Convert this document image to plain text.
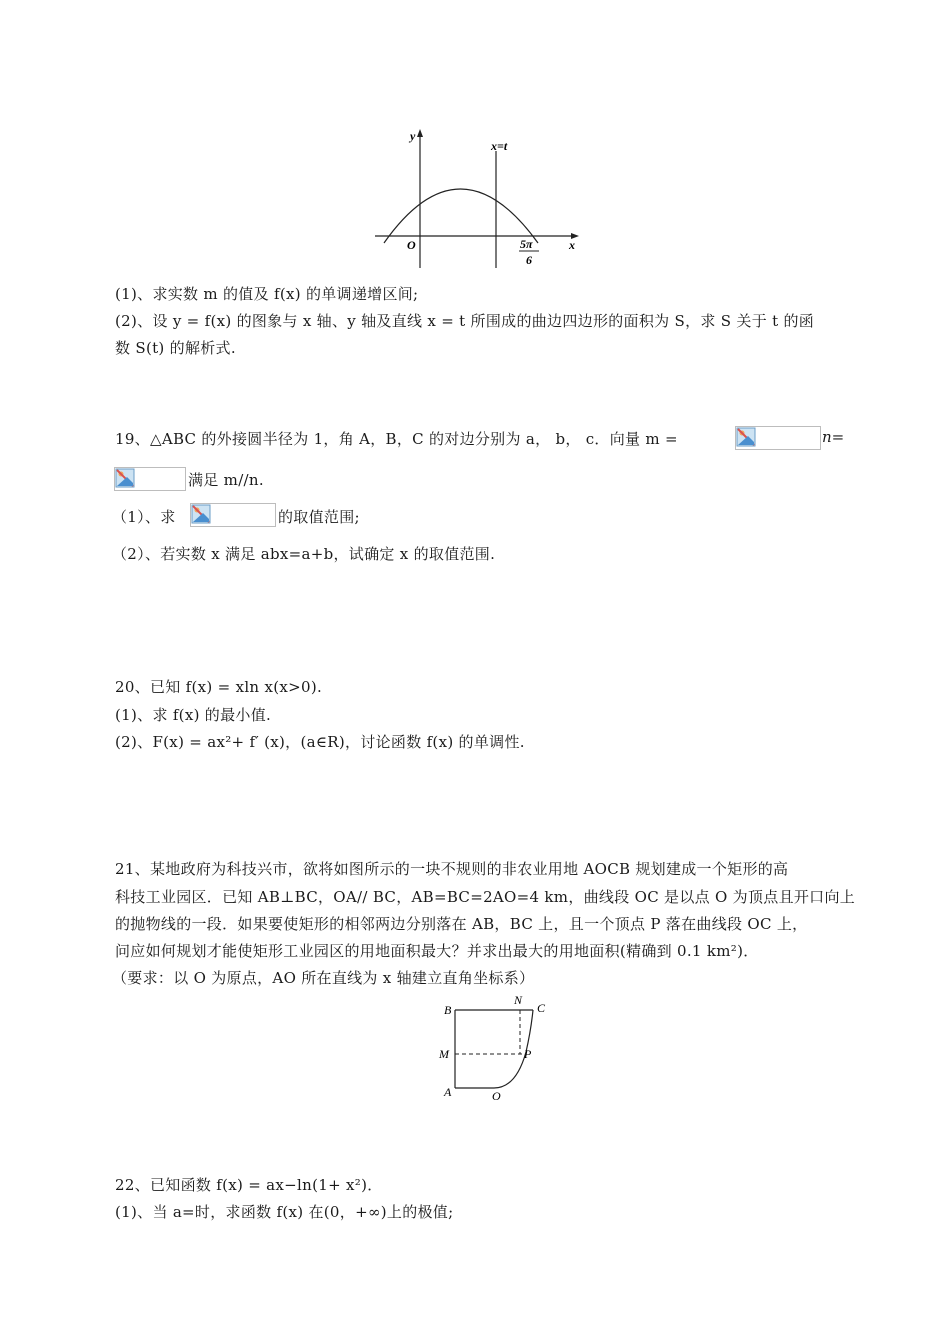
y
x
O
x=t
5π
6
(1)、求实数 m 的值及 f(x) 的单调递增区间;
(2)、设 y = f(x) 的图象与 x 轴、y 轴及直线 x = t 所围成的曲边四边形的面积为 S，求 S 关于 t 的函
数 S(t) 的解析式.
19、△ABC 的外接圆半径为 1，角 A，B，C 的对边分别为 a， b， c．向量 m =	n=
满足 m//n.
（1）、求	的取值范围;
（2）、若实数 x 满足 abx=a+b，试确定 x 的取值范围.
20、已知 f(x) = xln x(x>0).
(1)、求 f(x) 的最小值.
(2)、F(x) = ax²+ f′ (x)，(a∈R)，讨论函数 f(x) 的单调性.
21、某地政府为科技兴市，欲将如图所示的一块不规则的非农业用地 AOCB 规划建成一个矩形的高
科技工业园区．已知 AB⊥BC，OA// BC，AB=BC=2AO=4 km，曲线段 OC 是以点 O 为顶点且开口向上
的抛物线的一段．如果要使矩形的相邻两边分别落在 AB，BC 上，且一个顶点 P 落在曲线段 OC 上，
问应如何规划才能使矩形工业园区的用地面积最大？并求出最大的用地面积(精确到 0.1 km²)．
（要求：以 O 为原点，AO 所在直线为 x 轴建立直角坐标系）
B
N
C
M	P
A	O
22、已知函数 f(x) = ax−ln(1+ x²)．
(1)、当 a=时，求函数 f(x) 在(0，+∞)上的极值;
